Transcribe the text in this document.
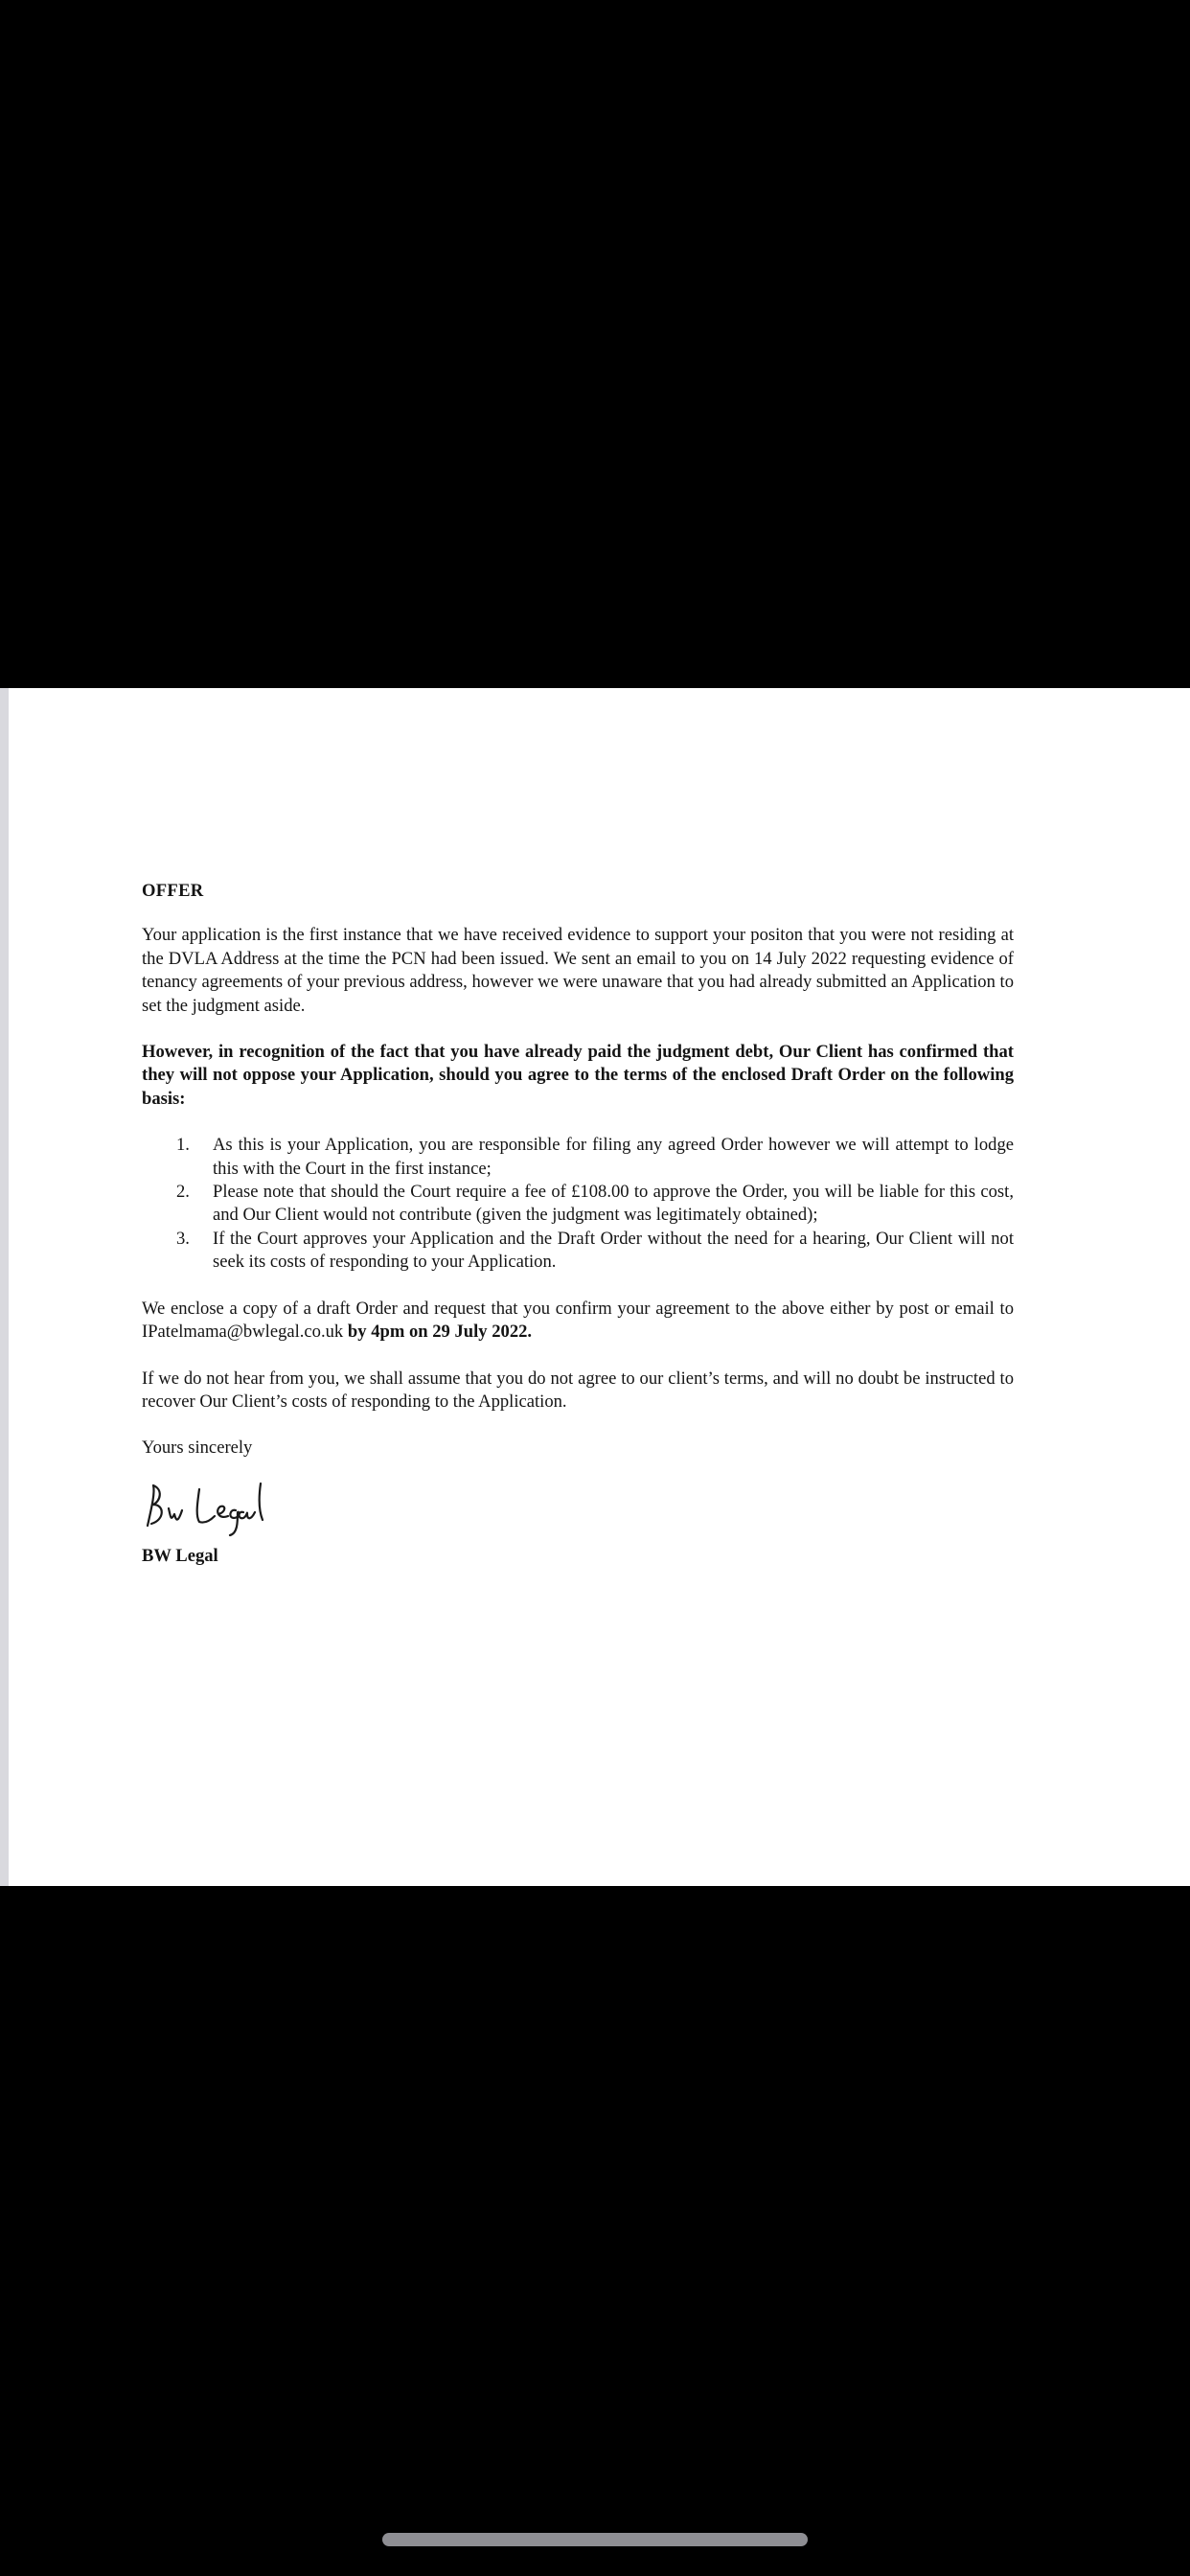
OFFER

Your application is the first instance that we have received evidence to support your positon that you were not residing at the DVLA Address at the time the PCN had been issued. We sent an email to you on 14 July 2022 requesting evidence of tenancy agreements of your previous address, however we were unaware that you had already submitted an Application to set the judgment aside.

However, in recognition of the fact that you have already paid the judgment debt, Our Client has confirmed that they will not oppose your Application, should you agree to the terms of the enclosed Draft Order on the following basis:

1. As this is your Application, you are responsible for filing any agreed Order however we will attempt to lodge this with the Court in the first instance;
2. Please note that should the Court require a fee of £108.00 to approve the Order, you will be liable for this cost, and Our Client would not contribute (given the judgment was legitimately obtained);
3. If the Court approves your Application and the Draft Order without the need for a hearing, Our Client will not seek its costs of responding to your Application.

We enclose a copy of a draft Order and request that you confirm your agreement to the above either by post or email to IPatelmama@bwlegal.co.uk by 4pm on 29 July 2022.

If we do not hear from you, we shall assume that you do not agree to our client’s terms, and will no doubt be instructed to recover Our Client’s costs of responding to the Application.

Yours sincerely

BW Legal
